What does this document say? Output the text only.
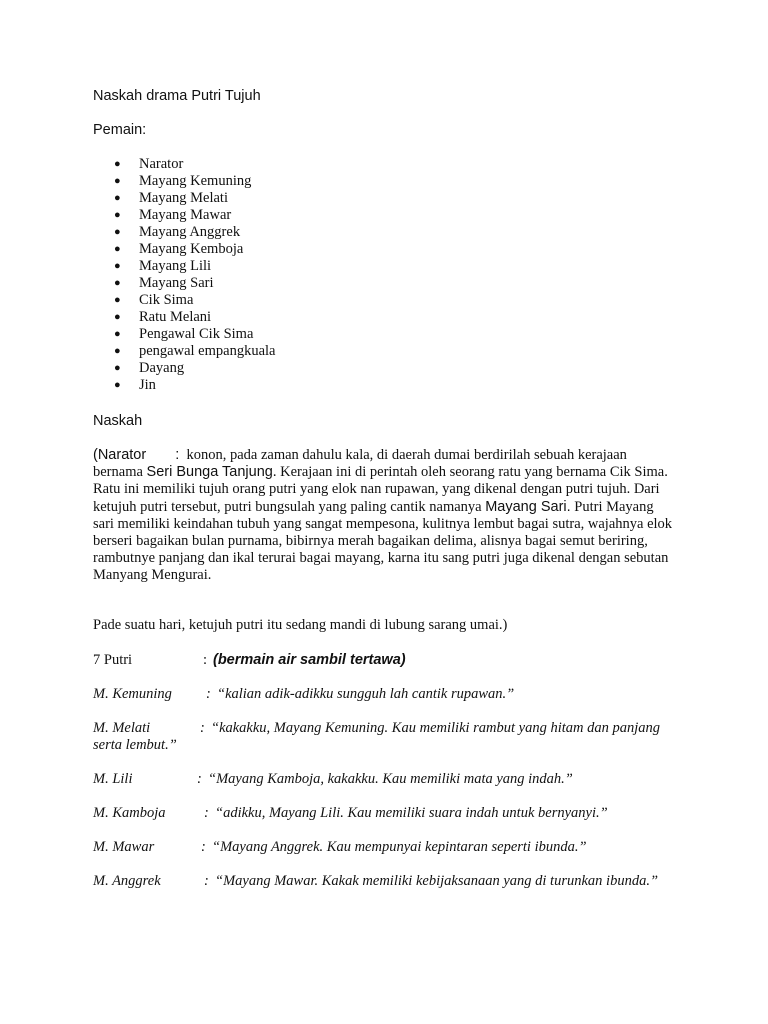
Naskah drama Putri Tujuh
Pemain:
● Narator
● Mayang Kemuning
● Mayang Melati
● Mayang Mawar
● Mayang Anggrek
● Mayang Kemboja
● Mayang Lili
● Mayang Sari
● Cik Sima
● Ratu Melani
● Pengawal Cik Sima
● pengawal empangkuala
● Dayang
● Jin
Naskah

(Narator : konon, pada zaman dahulu kala, di daerah dumai berdirilah sebuah kerajaan bernama Seri Bunga Tanjung. Kerajaan ini di perintah oleh seorang ratu yang bernama Cik Sima. Ratu ini memiliki tujuh orang putri yang elok nan rupawan, yang dikenal dengan putri tujuh. Dari ketujuh putri tersebut, putri bungsulah yang paling cantik namanya Mayang Sari. Putri Mayang sari memiliki keindahan tubuh yang sangat mempesona, kulitnya lembut bagai sutra, wajahnya elok berseri bagaikan bulan purnama, bibirnya merah bagaikan delima, alisnya bagai semut beriring, rambutnye panjang dan ikal terurai bagai mayang, karna itu sang putri juga dikenal dengan sebutan Manyang Mengurai.

Pade suatu hari, ketujuh putri itu sedang mandi di lubung sarang umai.)

7 Putri	: (bermain air sambil tertawa)

M. Kemuning : “kalian adik-adikku sungguh lah cantik rupawan.”

M. Melati	: “kakakku, Mayang Kemuning. Kau memiliki rambut yang hitam dan panjang serta lembut.”

M. Lili	: “Mayang Kamboja, kakakku. Kau memiliki mata yang indah.”

M. Kamboja	: “adikku, Mayang Lili. Kau memiliki suara indah untuk bernyanyi.”

M. Mawar	: “Mayang Anggrek. Kau mempunyai kepintaran seperti ibunda.”

M. Anggrek	: “Mayang Mawar. Kakak memiliki kebijaksanaan yang di turunkan ibunda.”
